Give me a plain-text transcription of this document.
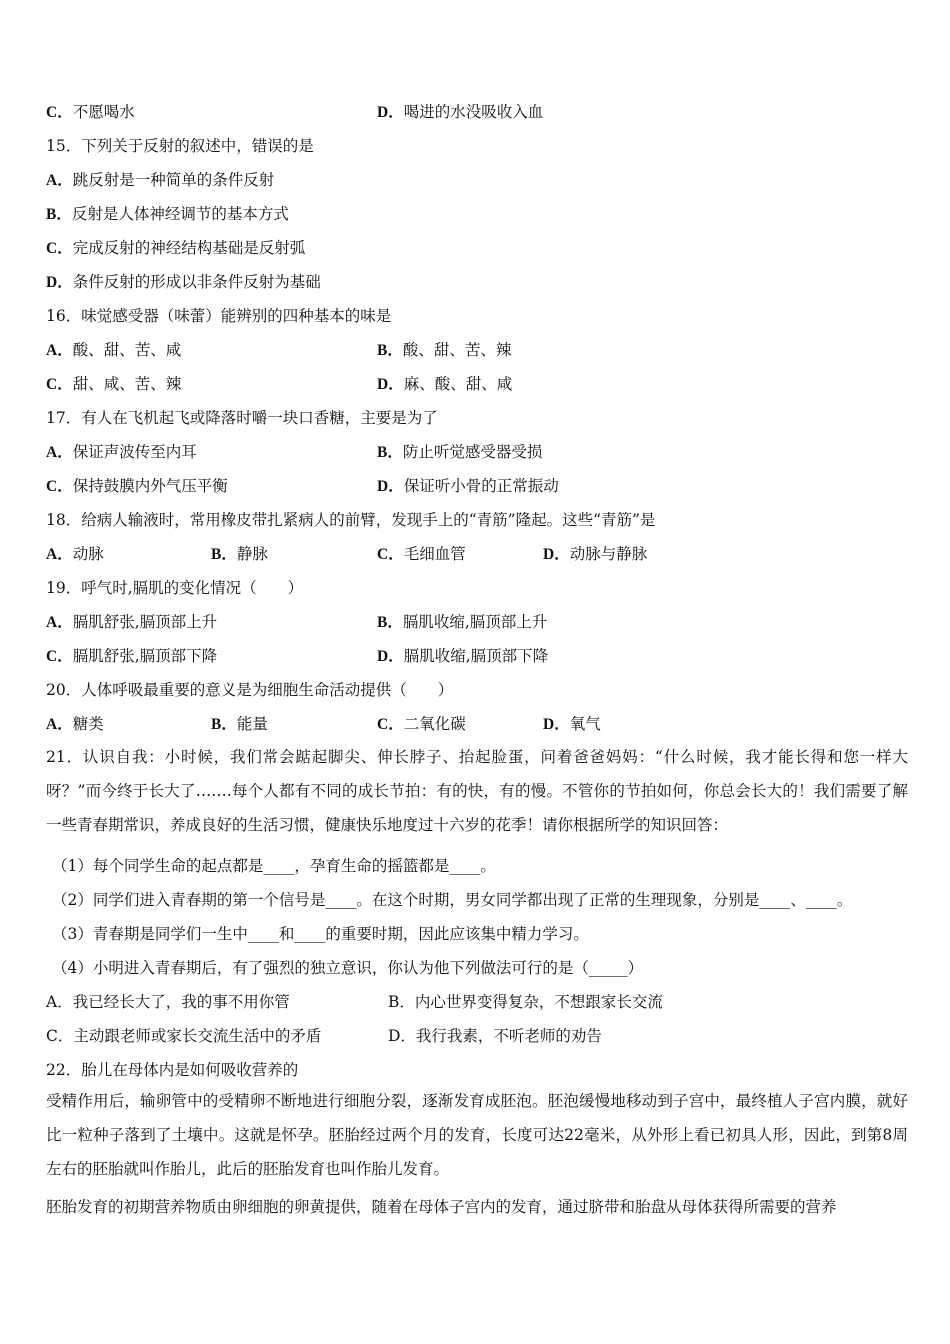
C．不愿喝水	D．喝进的水没吸收入血
15．下列关于反射的叙述中，错误的是
A．跳反射是一种简单的条件反射
B．反射是人体神经调节的基本方式
C．完成反射的神经结构基础是反射弧
D．条件反射的形成以非条件反射为基础
16．味觉感受器（味蕾）能辨别的四种基本的味是
A．酸、甜、苦、咸	B．酸、甜、苦、辣
C．甜、咸、苦、辣	D．麻、酸、甜、咸
17．有人在飞机起飞或降落时嚼一块口香糖，主要是为了
A．保证声波传至内耳	B．防止听觉感受器受损
C．保持鼓膜内外气压平衡	D．保证听小骨的正常振动
18．给病人输液时，常用橡皮带扎紧病人的前臂，发现手上的“青筋”隆起。这些“青筋”是
A．动脉	B．静脉	C．毛细血管	D．动脉与静脉
19．呼气时,膈肌的变化情况（　　）
A．膈肌舒张,膈顶部上升	B．膈肌收缩,膈顶部上升
C．膈肌舒张,膈顶部下降	D．膈肌收缩,膈顶部下降
20．人体呼吸最重要的意义是为细胞生命活动提供（　　）
A．糖类	B．能量	C．二氧化碳	D．氧气
21．认识自我：小时候，我们常会踮起脚尖、伸长脖子、抬起脸蛋，问着爸爸妈妈：“什么时候，我才能长得和您一样大呀？”而今终于长大了…….每个人都有不同的成长节拍：有的快，有的慢。不管你的节拍如何，你总会长大的！我们需要了解一些青春期常识，养成良好的生活习惯，健康快乐地度过十六岁的花季！请你根据所学的知识回答：
（1）每个同学生命的起点都是____，孕育生命的摇篮都是____。
（2）同学们进入青春期的第一个信号是____。在这个时期，男女同学都出现了正常的生理现象，分别是____、____。
（3）青春期是同学们一生中____和____的重要时期，因此应该集中精力学习。
（4）小明进入青春期后，有了强烈的独立意识，你认为他下列做法可行的是（_____）
A．我已经长大了，我的事不用你管	B．内心世界变得复杂，不想跟家长交流
C．主动跟老师或家长交流生活中的矛盾	D．我行我素，不听老师的劝告
22．胎儿在母体内是如何吸收营养的
受精作用后，输卵管中的受精卵不断地进行细胞分裂，逐渐发育成胚泡。胚泡缓慢地移动到子宫中，最终植人子宫内膜，就好比一粒种子落到了土壤中。这就是怀孕。胚胎经过两个月的发育，长度可达22毫米，从外形上看已初具人形，因此，到第8周左右的胚胎就叫作胎儿，此后的胚胎发育也叫作胎儿发育。
胚胎发育的初期营养物质由卵细胞的卵黄提供，随着在母体子宫内的发育，通过脐带和胎盘从母体获得所需要的营养
